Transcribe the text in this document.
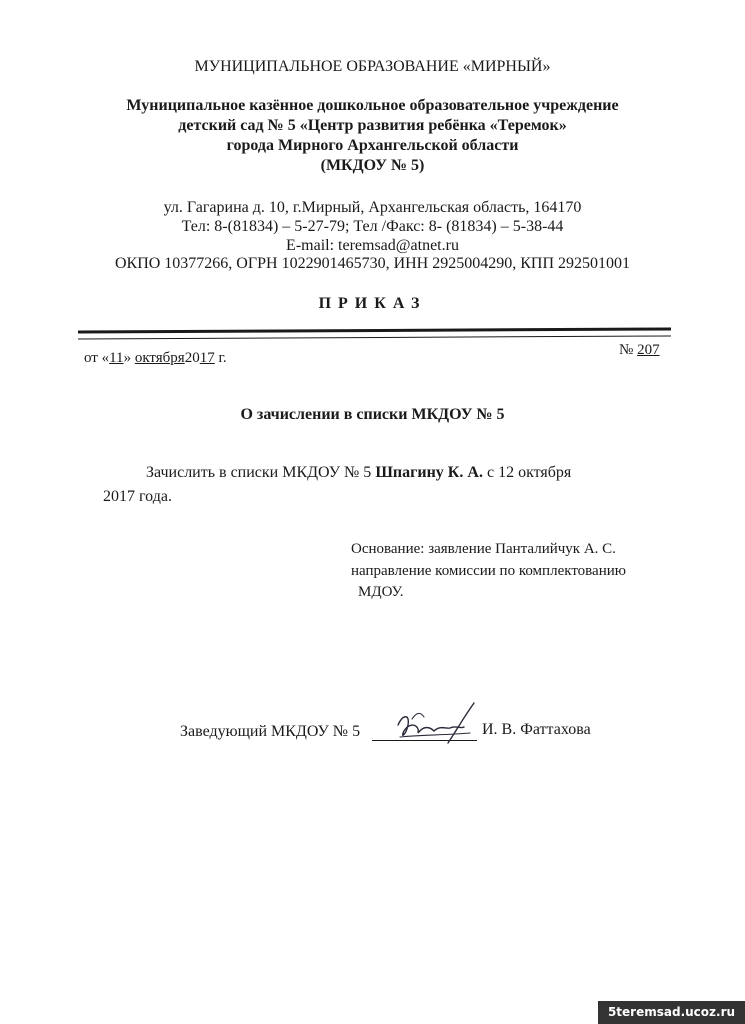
МУНИЦИПАЛЬНОЕ ОБРАЗОВАНИЕ «МИРНЫЙ»
Муниципальное казённое дошкольное образовательное учреждение
детский сад № 5 «Центр развития ребёнка «Теремок»
города Мирного Архангельской области
(МКДОУ № 5)
ул. Гагарина д. 10, г.Мирный, Архангельская область, 164170
Тел: 8-(81834) – 5-27-79; Тел /Факс: 8- (81834) – 5-38-44
E-mail: teremsad@atnet.ru
ОКПО 10377266, ОГРН 1022901465730, ИНН 2925004290, КПП 292501001
ПРИКАЗ
от «11» октября2017 г.	№ 207
О зачислении в списки МКДОУ № 5
Зачислить в списки МКДОУ № 5 Шпагину К. А. с 12 октября
2017 года.
Основание: заявление Панталийчук А. С.
направление комиссии по комплектованию
МДОУ.
Заведующий МКДОУ № 5	И. В. Фаттахова
5teremsad.ucoz.ru
